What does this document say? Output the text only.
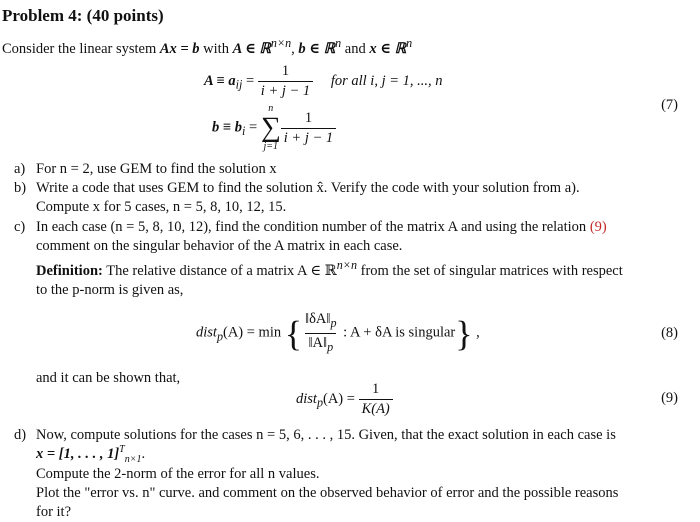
Problem 4: (40 points)
Consider the linear system Ax = b with A ∈ ℝ$^{n\times n}$, b ∈ ℝ$^n$ and x ∈ ℝ$^n$
$A \equiv a_{ij} = \frac{1}{i + j - 1}$ for all i, j = 1, ..., n
$b \equiv b_i$ =
n
∑
$j=1 \frac{1}{i + j - 1}$
(7)
a) For n = 2, use GEM to find the solution x
b) Write a code that uses GEM to find the solution x̂. Verify the code with your solution from a).
Compute x for 5 cases, n = 5, 8, 10, 12, 15.
c) In each case (n = 5, 8, 10, 12), find the condition number of the matrix A and using the relation (9)
comment on the singular behavior of the A matrix in each case.
Definition: The relative distance of a matrix A ∈ ℝ$^{n\times n}$ from the set of singular matrices with respect
to the p-norm is given as,
dist$_p$(A) = min { $\frac{‖\delta A‖_p}{‖A‖_p}$ : A + δA is singular} ,	(8)
and it can be shown that,
dist$_p$(A) = $\frac{1}{K(A)}$	(9)
d) Now, compute solutions for the cases n = 5, 6, . . . , 15. Given, that the exact solution in each case is
x = [1, . . . , 1]$^T_{n\times 1}$.
Compute the 2-norm of the error for all n values.
Plot the "error vs. n" curve. and comment on the observed behavior of error and the possible reasons
for it?
